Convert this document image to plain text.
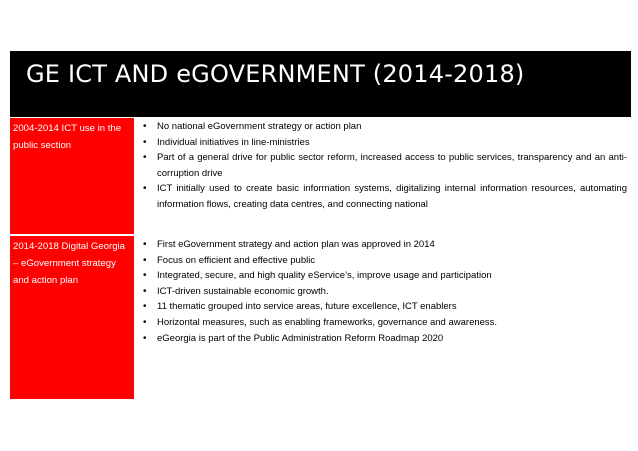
GE ICT AND eGOVERNMENT (2014-2018)
2004-2014 ICT use in the public section
• No national eGovernment strategy or action plan
• Individual initiatives in line-ministries
• Part of a general drive for public sector reform, increased access to public services, transparency and an anti-corruption drive
• ICT initially used to create basic information systems, digitalizing internal information resources, automating information flows, creating data centres, and connecting national
2014-2018 Digital Georgia – eGovernment strategy and action plan
• First eGovernment strategy and action plan was approved in 2014
• Focus on efficient and effective public
• Integrated, secure, and high quality eService’s, improve usage and participation
• ICT-driven sustainable economic growth.
• 11 thematic grouped into service areas, future excellence, ICT enablers
• Horizontal measures, such as enabling frameworks, governance and awareness.
• eGeorgia is part of the Public Administration Reform Roadmap 2020
